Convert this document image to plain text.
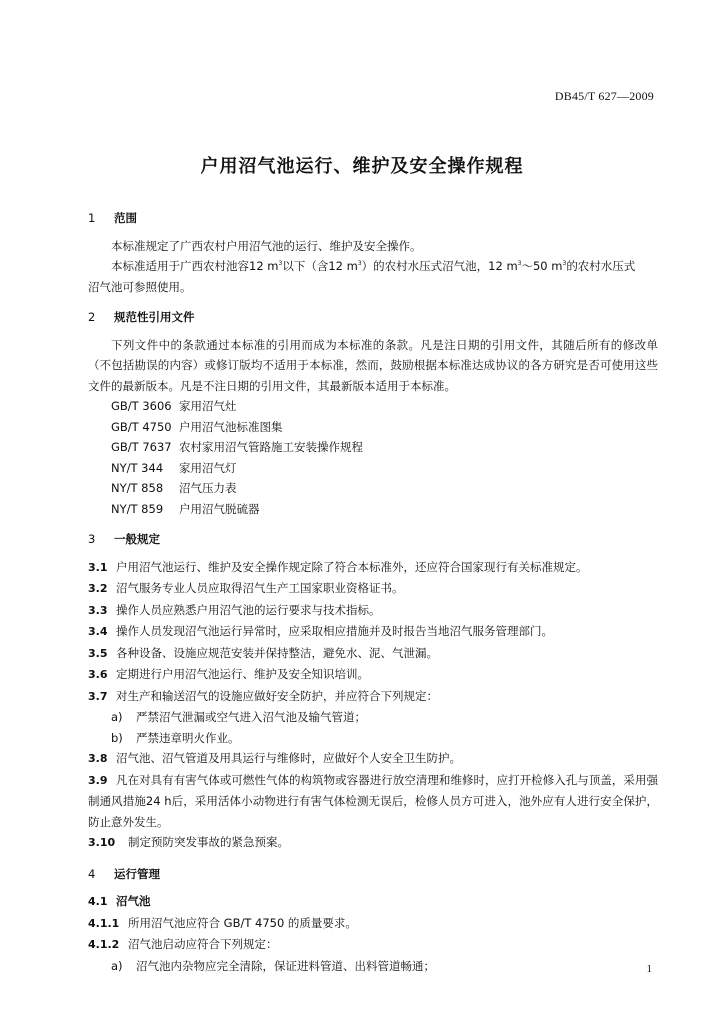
DB45/T 627—2009
户用沼气池运行、维护及安全操作规程

1 范围

本标准规定了广西农村户用沼气池的运行、维护及安全操作。

本标准适用于广西农村池容12 $m^3$以下（含12 $m^3$）的农村水压式沼气池，12 $m^3\sim 50$ $m^3$的农村水压式

沼气池可参照使用。

2 规范性引用文件

下列文件中的条款通过本标准的引用而成为本标准的条款。凡是注日期的引用文件，其随后所有的修改单（不包括勘误的内容）或修订版均不适用于本标准，然而，鼓励根据本标准达成协议的各方研究是否可使用这些文件的最新版本。凡是不注日期的引用文件，其最新版本适用于本标准。

GB/T 3606 家用沼气灶

GB/T 4750 户用沼气池标准图集

GB/T 7637 农村家用沼气管路施工安装操作规程

NY/T 344 家用沼气灯

NY/T 858 沼气压力表

NY/T 859 户用沼气脱硫器

3 一般规定

3.1 户用沼气池运行、维护及安全操作规定除了符合本标准外，还应符合国家现行有关标准规定。

3.2 沼气服务专业人员应取得沼气生产工国家职业资格证书。

3.3 操作人员应熟悉户用沼气池的运行要求与技术指标。

3.4 操作人员发现沼气池运行异常时，应采取相应措施并及时报告当地沼气服务管理部门。

3.5 各种设备、设施应规范安装并保持整洁，避免水、泥、气泄漏。

3.6 定期进行户用沼气池运行、维护及安全知识培训。

3.7 对生产和输送沼气的设施应做好安全防护，并应符合下列规定：

a) 严禁沼气泄漏或空气进入沼气池及输气管道；

b) 严禁违章明火作业。

3.8 沼气池、沼气管道及用具运行与维修时，应做好个人安全卫生防护。

3.9 凡在对具有有害气体或可燃性气体的构筑物或容器进行放空清理和维修时，应打开检修入孔与顶盖，采用强制通风措施24 h后，采用活体小动物进行有害气体检测无误后，检修人员方可进入，池外应有人进行安全保护，防止意外发生。

3.10 制定预防突发事故的紧急预案。

4 运行管理

4.1 沼气池

4.1.1 所用沼气池应符合 GB/T 4750 的质量要求。

4.1.2 沼气池启动应符合下列规定：

a) 沼气池内杂物应完全清除，保证进料管道、出料管道畅通；	1
